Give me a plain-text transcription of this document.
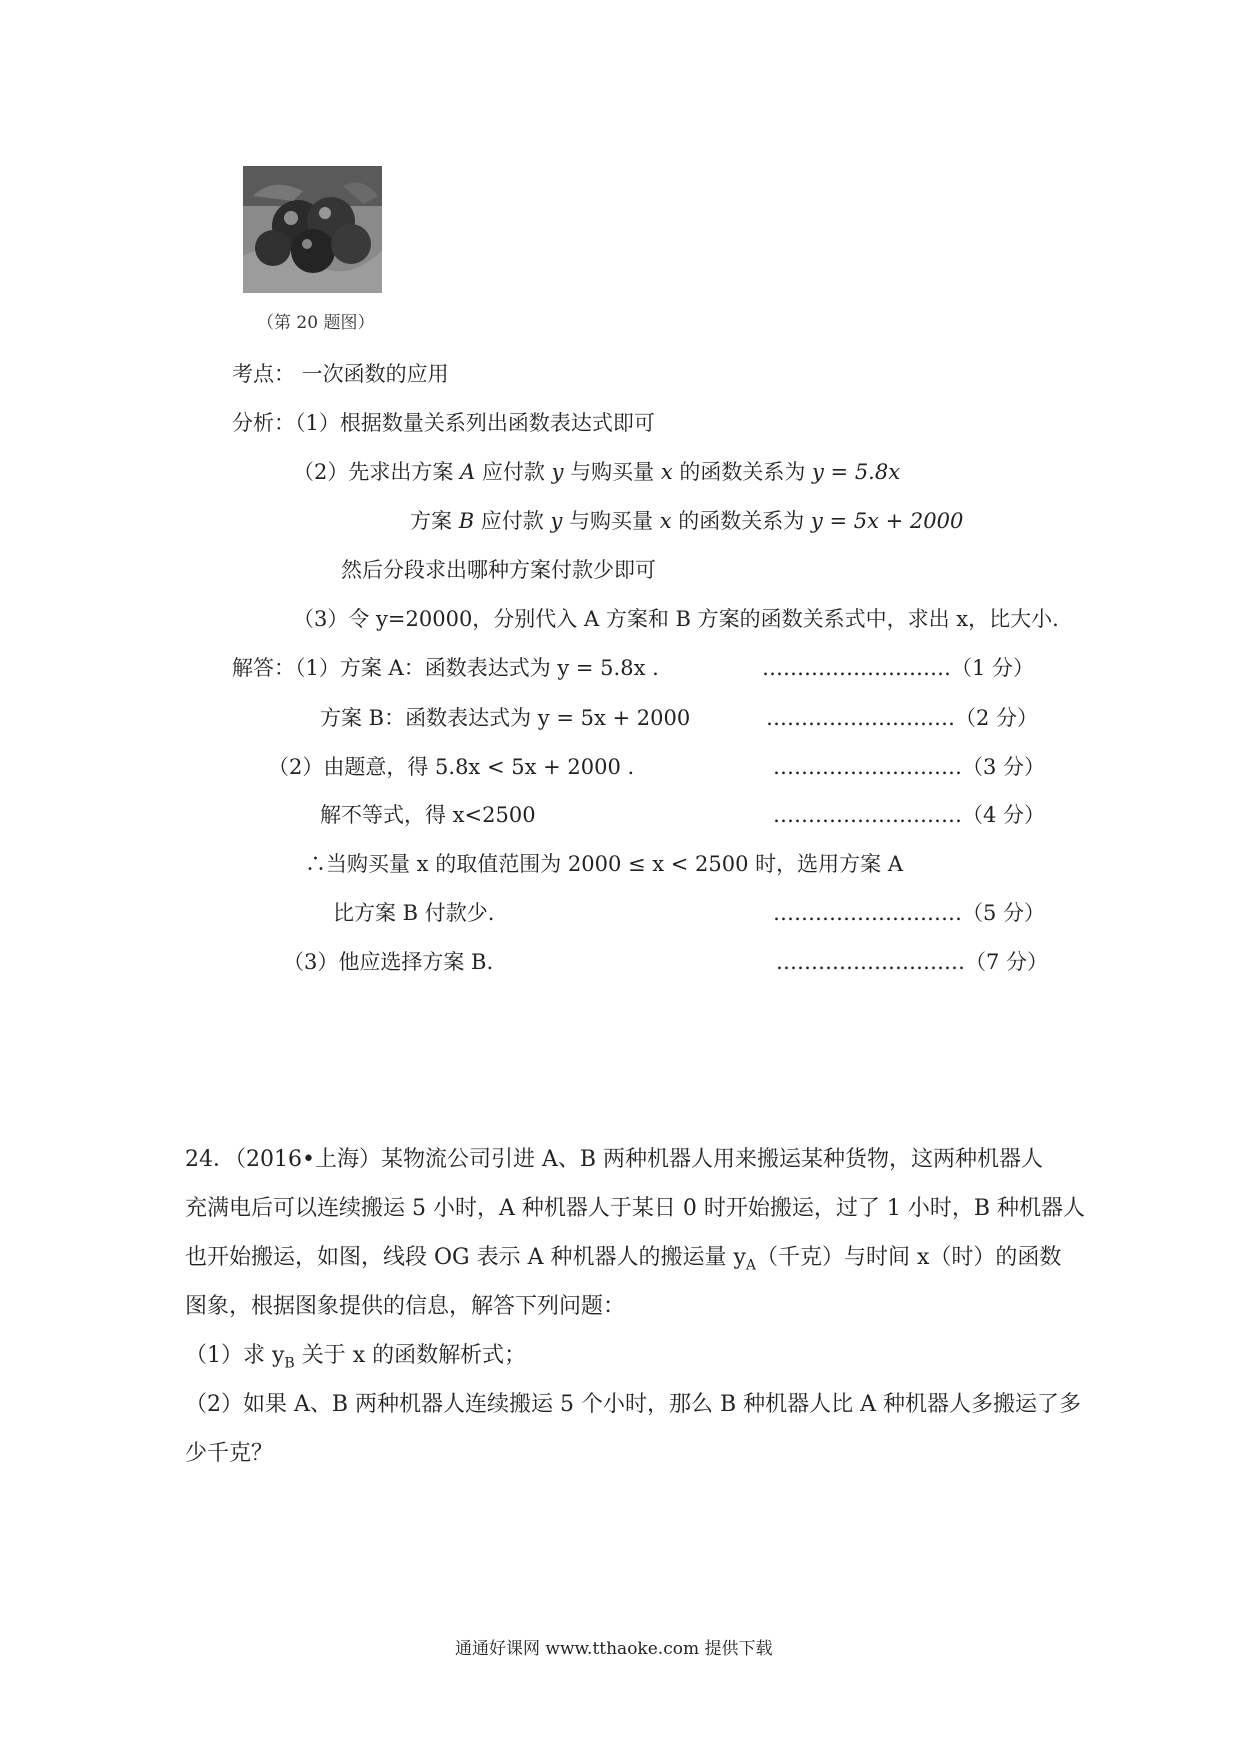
（第 20 题图）
考点： 一次函数的应用
分析：（1）根据数量关系列出函数表达式即可
（2）先求出方案 A 应付款 y 与购买量 x 的函数关系为 y = 5.8x
方案 B 应付款 y 与购买量 x 的函数关系为 y = 5x + 2000
然后分段求出哪种方案付款少即可
（3）令 y=20000，分别代入 A 方案和 B 方案的函数关系式中，求出 x，比大小.
解答：（1）方案 A：函数表达式为 y = 5.8x .	………………………（1 分）
方案 B：函数表达式为 y = 5x + 2000	………………………（2 分）
（2）由题意，得 5.8x < 5x + 2000 .	………………………（3 分）
解不等式，得 x<2500	………………………（4 分）
∴当购买量 x 的取值范围为 2000 ≤ x < 2500 时，选用方案 A
比方案 B 付款少.	………………………（5 分）
（3）他应选择方案 B.	………………………（7 分）
24．（2016•上海）某物流公司引进 A、B 两种机器人用来搬运某种货物，这两种机器人
充满电后可以连续搬运 5 小时，A 种机器人于某日 0 时开始搬运，过了 1 小时，B 种机器人
也开始搬运，如图，线段 OG 表示 A 种机器人的搬运量 $y_A$（千克）与时间 x（时）的函数
图象，根据图象提供的信息，解答下列问题：
（1）求 $y_B$ 关于 x 的函数解析式；
（2）如果 A、B 两种机器人连续搬运 5 个小时，那么 B 种机器人比 A 种机器人多搬运了多
少千克？
通通好课网 www.tthaoke.com 提供下载
